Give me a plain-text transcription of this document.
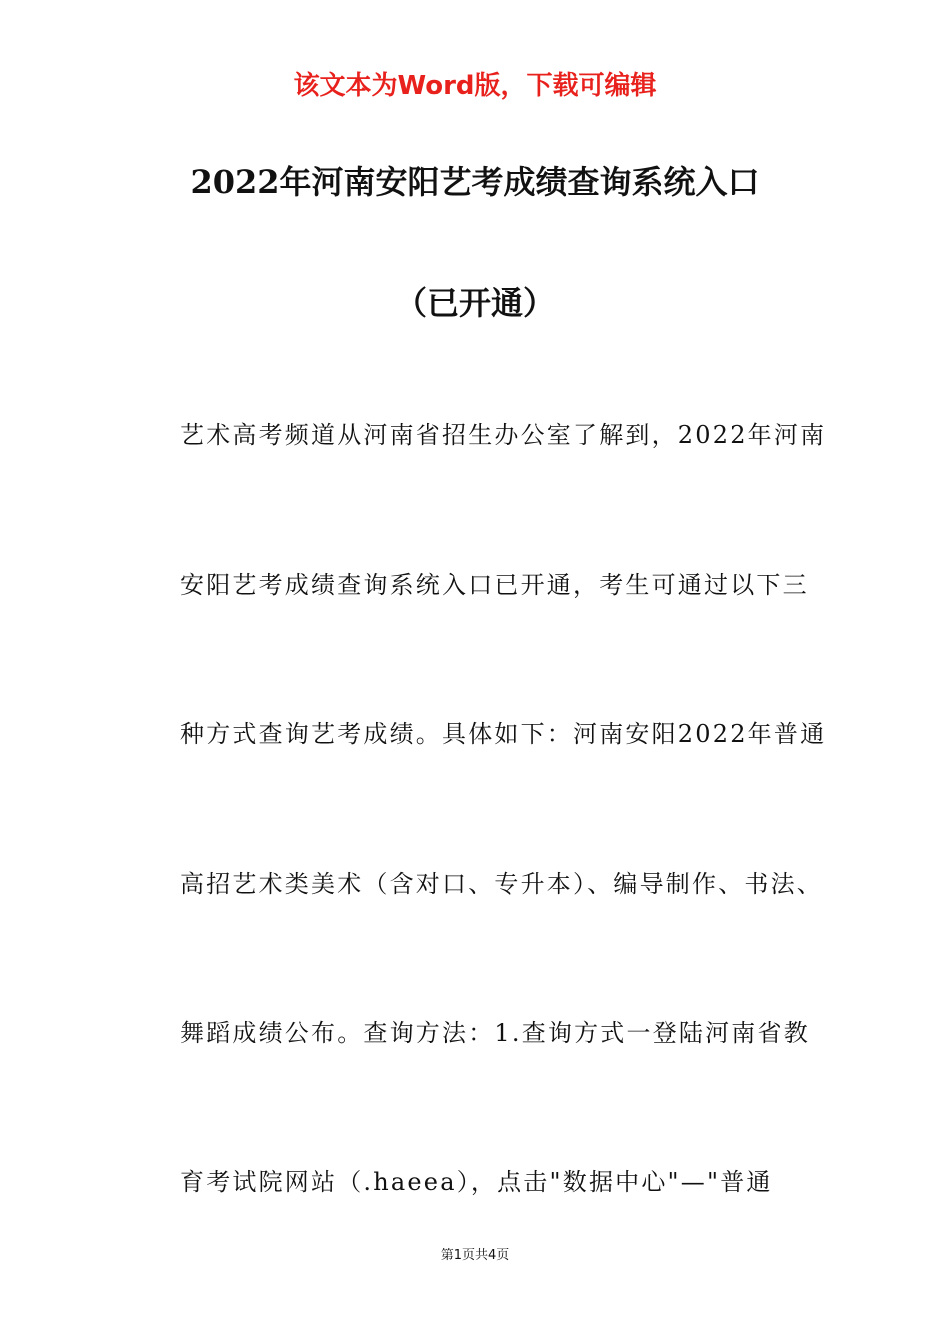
该文本为Word版，下载可编辑
2022年河南安阳艺考成绩查询系统入口
（已开通）
艺术高考频道从河南省招生办公室了解到，2022年河南
安阳艺考成绩查询系统入口已开通，考生可通过以下三
种方式查询艺考成绩。具体如下：河南安阳2022年普通
高招艺术类美术（含对口、专升本）、编导制作、书法、
舞蹈成绩公布。查询方法：1.查询方式一登陆河南省教
育考试院网站（.haeea），点击"数据中心"—"普通
第1页共4页
